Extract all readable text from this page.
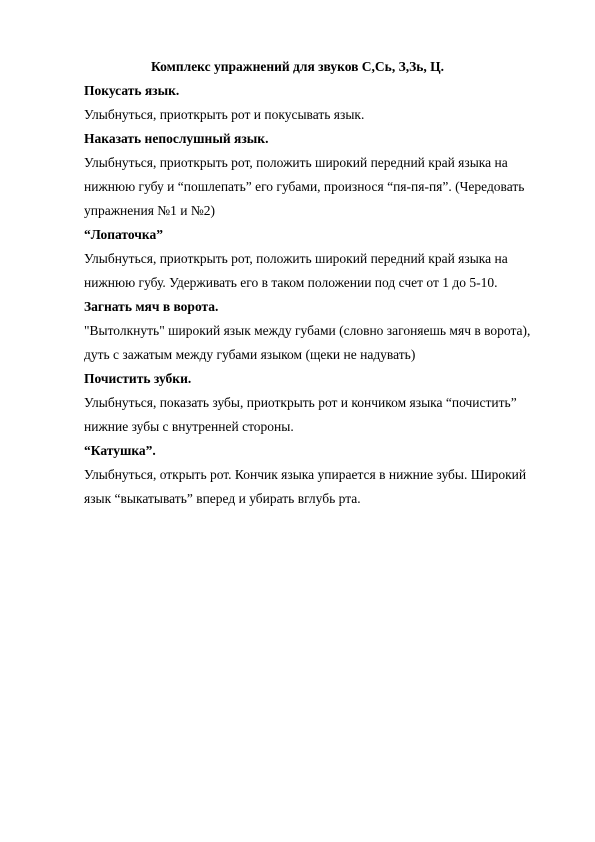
Комплекс упражнений для звуков С,Сь, З,Зь, Ц.
Покусать язык.
Улыбнуться, приоткрыть рот и покусывать язык.
Наказать непослушный язык.
Улыбнуться, приоткрыть рот, положить широкий передний край языка на
нижнюю губу и “пошлепать” его губами, произнося “пя-пя-пя”. (Чередовать
упражнения №1 и №2)
“Лопаточка”
Улыбнуться, приоткрыть рот, положить широкий передний край языка на
нижнюю губу. Удерживать его в таком положении под счет от 1 до 5-10.
Загнать мяч в ворота.
"Вытолкнуть" широкий язык между губами (словно загоняешь мяч в ворота),
дуть с зажатым между губами языком (щеки не надувать)
Почистить зубки.
Улыбнуться, показать зубы, приоткрыть рот и кончиком языка “почистить”
нижние зубы с внутренней стороны.
“Катушка”.
Улыбнуться, открыть рот. Кончик языка упирается в нижние зубы. Широкий
язык “выкатывать” вперед и убирать вглубь рта.
